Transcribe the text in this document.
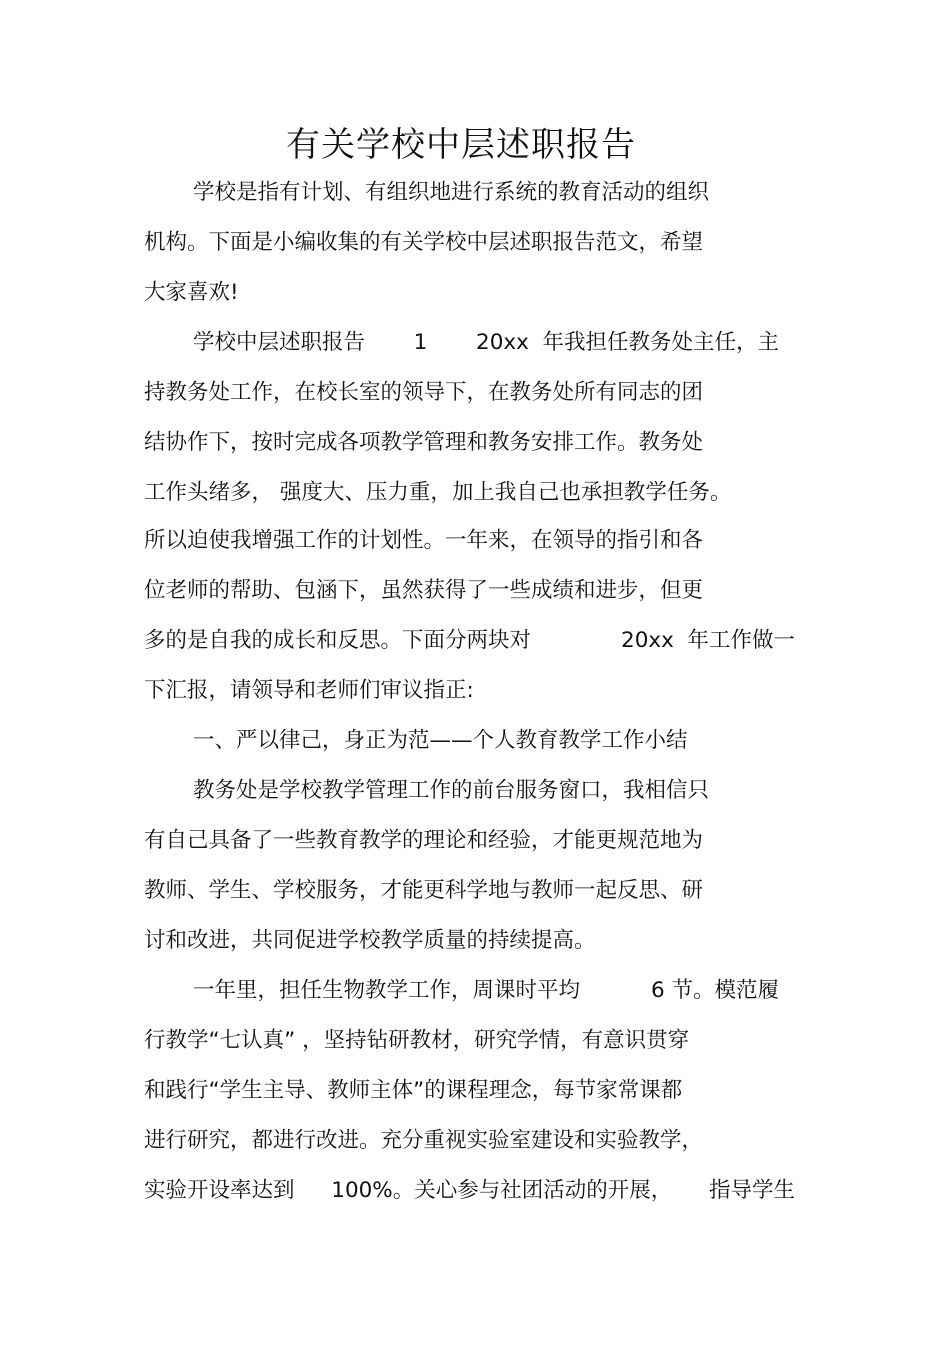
有关学校中层述职报告
学校是指有计划、有组织地进行系统的教育活动的组织
机构。下面是小编收集的有关学校中层述职报告范文，希望
大家喜欢!
学校中层述职报告 1 20xx  年我担任教务处主任，主
持教务处工作，在校长室的领导下，在教务处所有同志的团
结协作下，按时完成各项教学管理和教务安排工作。教务处
工作头绪多， 强度大、压力重，加上我自己也承担教学任务。
所以迫使我增强工作的计划性。一年来，在领导的指引和各
位老师的帮助、包涵下，虽然获得了一些成绩和进步，但更
多的是自我的成长和反思。下面分两块对	20xx  年工作做一
下汇报，请领导和老师们审议指正:
一、严以律己，身正为范——个人教育教学工作小结
教务处是学校教学管理工作的前台服务窗口，我相信只
有自己具备了一些教育教学的理论和经验，才能更规范地为
教师、学生、学校服务，才能更科学地与教师一起反思、研
讨和改进，共同促进学校教学质量的持续提高。
一年里，担任生物教学工作，周课时平均	6 节。模范履
行教学“七认真” ，坚持钻研教材，研究学情，有意识贯穿
和践行“学生主导、教师主体”的课程理念，每节家常课都
进行研究，都进行改进。充分重视实验室建设和实验教学，
实验开设率达到 100%。关心参与社团活动的开展， 指导学生
